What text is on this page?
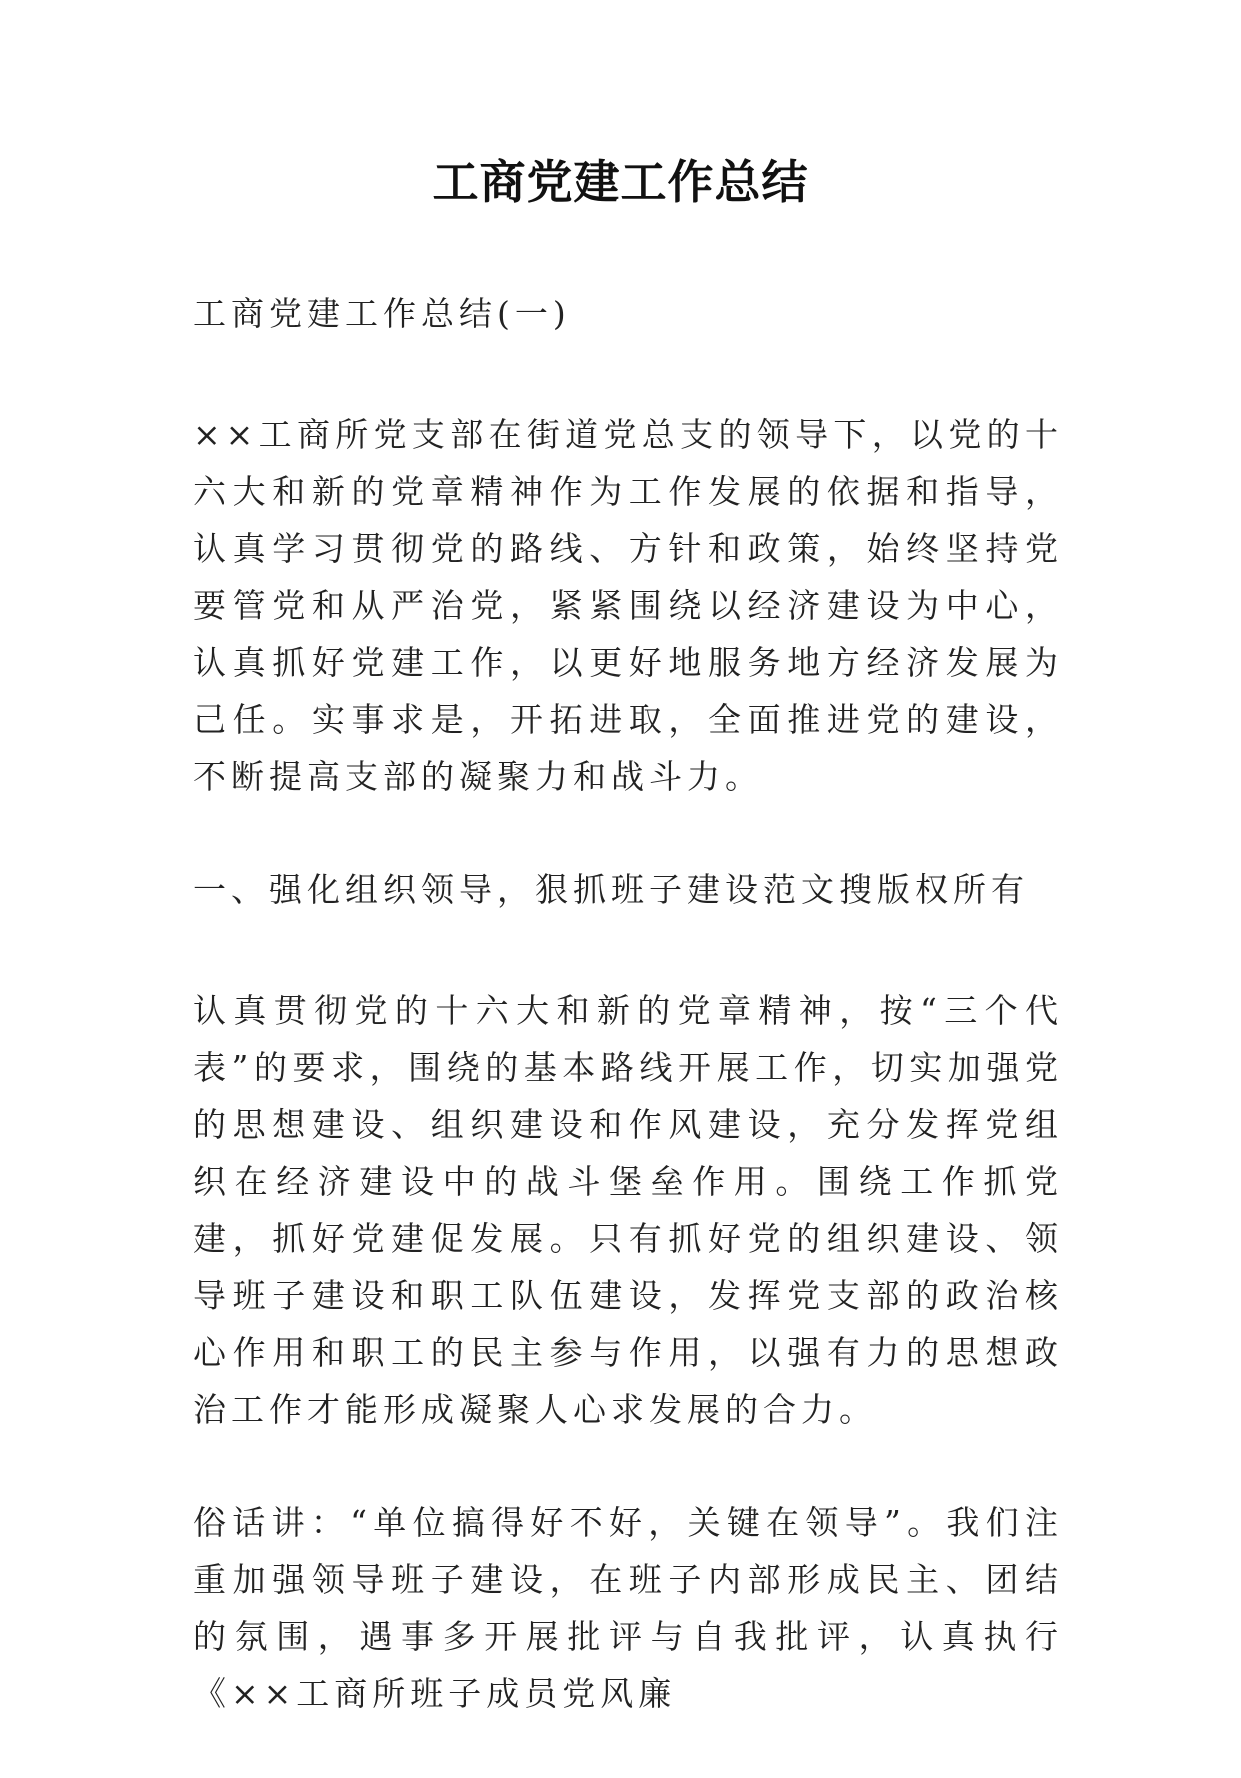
工商党建工作总结

工商党建工作总结(一)

××工商所党支部在街道党总支的领导下，以党的十六大和新的党章精神作为工作发展的依据和指导，认真学习贯彻党的路线、方针和政策，始终坚持党要管党和从严治党，紧紧围绕以经济建设为中心，认真抓好党建工作，以更好地服务地方经济发展为己任。实事求是，开拓进取，全面推进党的建设，不断提高支部的凝聚力和战斗力。

一、强化组织领导，狠抓班子建设范文搜版权所有

认真贯彻党的十六大和新的党章精神，按“三个代表”的要求，围绕的基本路线开展工作，切实加强党的思想建设、组织建设和作风建设，充分发挥党组织在经济建设中的战斗堡垒作用。围绕工作抓党建，抓好党建促发展。只有抓好党的组织建设、领导班子建设和职工队伍建设，发挥党支部的政治核心作用和职工的民主参与作用，以强有力的思想政治工作才能形成凝聚人心求发展的合力。

俗话讲：“单位搞得好不好，关键在领导”。我们注重加强领导班子建设，在班子内部形成民主、团结的氛围，遇事多开展批评与自我批评，认真执行《××工商所班子成员党风廉
